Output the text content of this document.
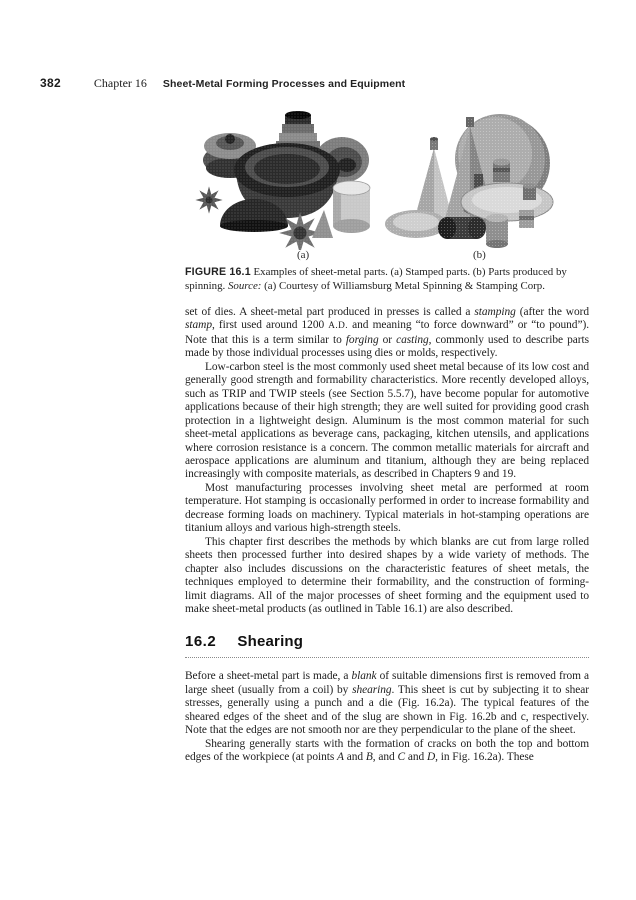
382	Chapter 16 Sheet-Metal Forming Processes and Equipment
(a)	(b)
FIGURE 16.1 Examples of sheet-metal parts. (a) Stamped parts. (b) Parts produced by spinning. Source: (a) Courtesy of Williamsburg Metal Spinning & Stamping Corp.

set of dies. A sheet-metal part produced in presses is called a stamping (after the word stamp, first used around 1200 A.D. and meaning “to force downward” or “to pound”). Note that this is a term similar to forging or casting, commonly used to describe parts made by those individual processes using dies or molds, respectively.

Low-carbon steel is the most commonly used sheet metal because of its low cost and generally good strength and formability characteristics. More recently developed alloys, such as TRIP and TWIP steels (see Section 5.5.7), have become popular for automotive applications because of their high strength; they are well suited for providing good crash protection in a lightweight design. Aluminum is the most common material for such sheet-metal applications as beverage cans, packaging, kitchen utensils, and applications where corrosion resistance is a concern. The common metallic materials for aircraft and aerospace applications are aluminum and titanium, although they are being replaced increasingly with composite materials, as described in Chapters 9 and 19.

Most manufacturing processes involving sheet metal are performed at room temperature. Hot stamping is occasionally performed in order to increase formability and decrease forming loads on machinery. Typical materials in hot-stamping operations are titanium alloys and various high-strength steels.

This chapter first describes the methods by which blanks are cut from large rolled sheets then processed further into desired shapes by a wide variety of methods. The chapter also includes discussions on the characteristic features of sheet metals, the techniques employed to determine their formability, and the construction of forming-limit diagrams. All of the major processes of sheet forming and the equipment used to make sheet-metal products (as outlined in Table 16.1) are also described.

16.2 Shearing

Before a sheet-metal part is made, a blank of suitable dimensions first is removed from a large sheet (usually from a coil) by shearing. This sheet is cut by subjecting it to shear stresses, generally using a punch and a die (Fig. 16.2a). The typical features of the sheared edges of the sheet and of the slug are shown in Fig. 16.2b and c, respectively. Note that the edges are not smooth nor are they perpendicular to the plane of the sheet.

Shearing generally starts with the formation of cracks on both the top and bottom edges of the workpiece (at points A and B, and C and D, in Fig. 16.2a). These
